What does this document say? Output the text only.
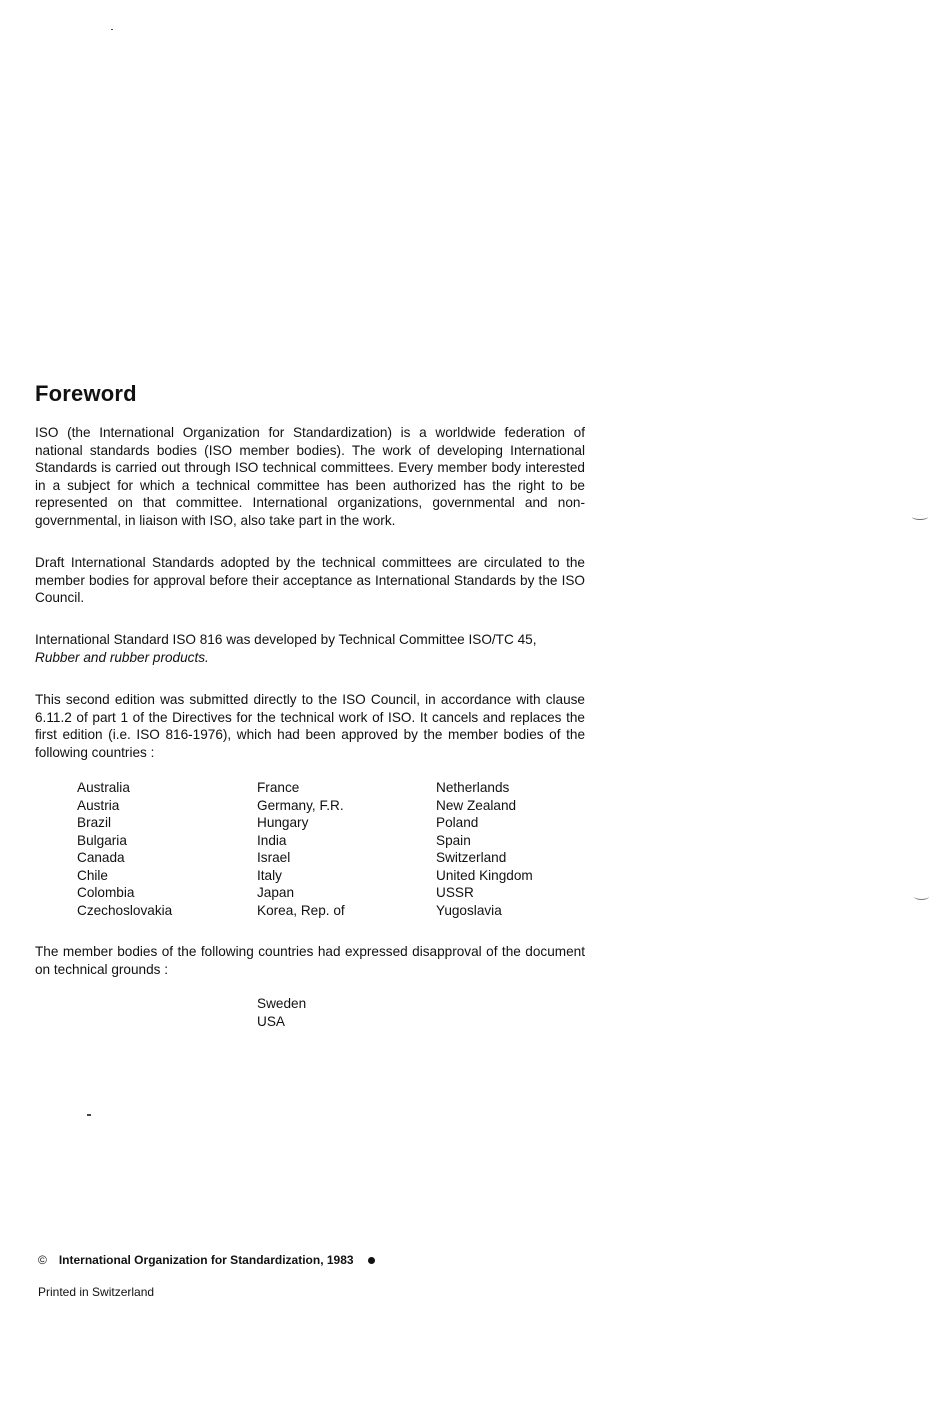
Foreword

ISO (the International Organization for Standardization) is a worldwide federation of national standards bodies (ISO member bodies). The work of developing International Standards is carried out through ISO technical committees. Every member body interested in a subject for which a technical committee has been authorized has the right to be represented on that committee. International organizations, governmental and non-governmental, in liaison with ISO, also take part in the work.

Draft International Standards adopted by the technical committees are circulated to the member bodies for approval before their acceptance as International Standards by the ISO Council.

International Standard ISO 816 was developed by Technical Committee ISO/TC 45,
Rubber and rubber products.

This second edition was submitted directly to the ISO Council, in accordance with clause 6.11.2 of part 1 of the Directives for the technical work of ISO. It cancels and replaces the first edition (i.e. ISO 816-1976), which had been approved by the member bodies of the following countries :

Australia
Austria
Brazil
Bulgaria
Canada
Chile
Colombia
Czechoslovakia
France
Germany, F.R.
Hungary
India
Israel
Italy
Japan
Korea, Rep. of
Netherlands
New Zealand
Poland
Spain
Switzerland
United Kingdom
USSR
Yugoslavia

The member bodies of the following countries had expressed disapproval of the document on technical grounds :

Sweden
USA
© International Organization for Standardization, 1983
Printed in Switzerland
